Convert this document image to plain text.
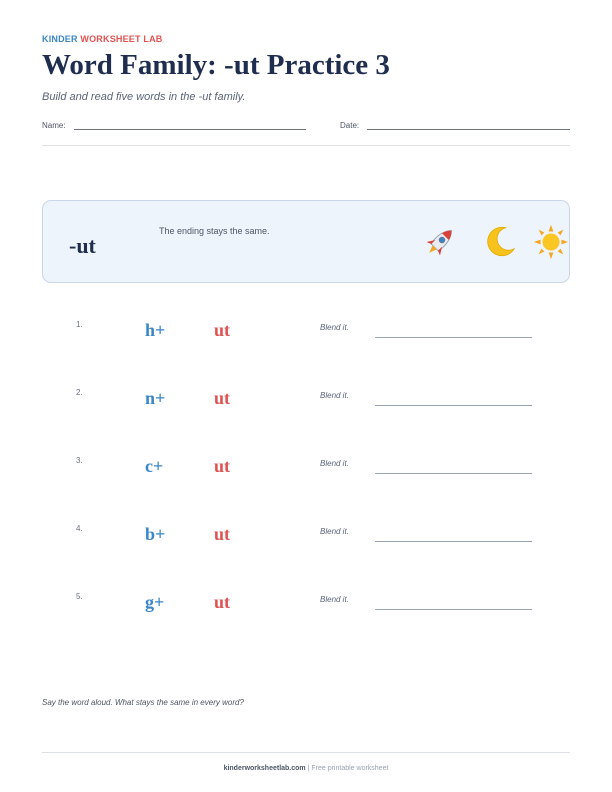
KINDER WORKSHEET LAB
Word Family: -ut Practice 3
Build and read five words in the -ut family.
Name:	Date:
-ut
The ending stays the same.
1.	h+	ut	Blend it.
2.	n+	ut	Blend it.
3.	c+	ut	Blend it.
4.	b+	ut	Blend it.
5.	g+	ut	Blend it.
Say the word aloud. What stays the same in every word?
kinderworksheetlab.com | Free printable worksheet
